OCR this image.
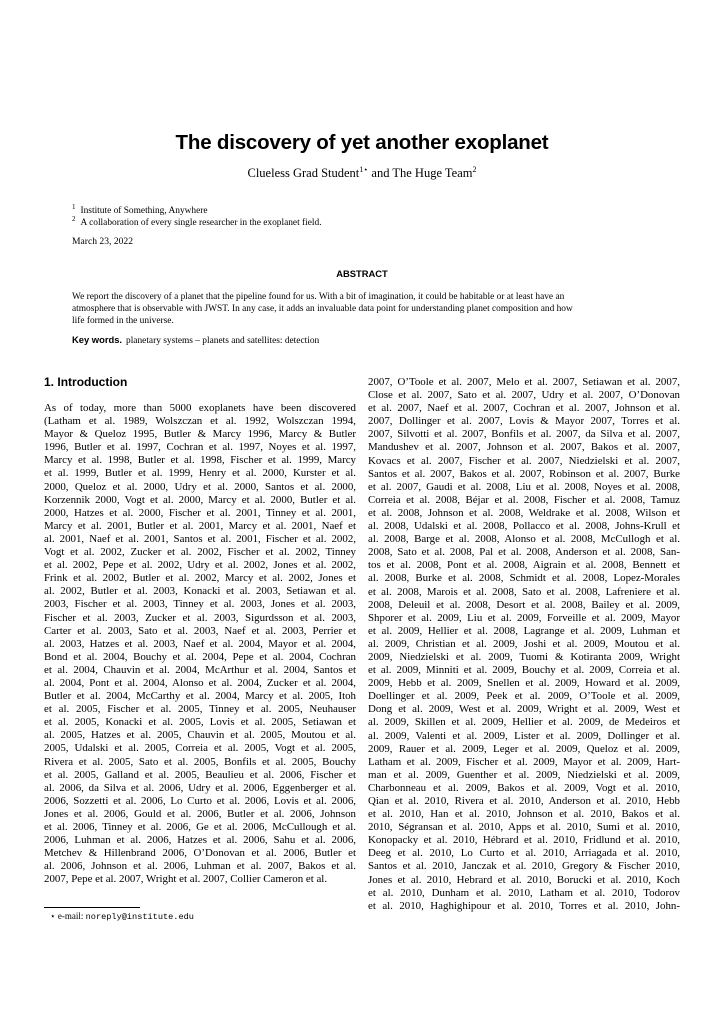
The discovery of yet another exoplanet
Clueless Grad Student$^{1⋆}$ and The Huge Team$^2$
$^1$ Institute of Something, Anywhere
$^2$ A collaboration of every single researcher in the exoplanet field.
March 23, 2022
ABSTRACT
We report the discovery of a planet that the pipeline found for us. With a bit of imagination, it could be habitable or at least have an
atmosphere that is observable with JWST. In any case, it adds an invaluable data point for understanding planet composition and how
life formed in the universe.
Key words. planetary systems – planets and satellites: detection
1. Introduction
As of today, more than 5000 exoplanets have been discovered
(Latham et al. 1989, Wolszczan et al. 1992, Wolszczan 1994,
Mayor & Queloz 1995, Butler & Marcy 1996, Marcy & Butler
1996, Butler et al. 1997, Cochran et al. 1997, Noyes et al. 1997,
Marcy et al. 1998, Butler et al. 1998, Fischer et al. 1999, Marcy
et al. 1999, Butler et al. 1999, Henry et al. 2000, Kurster et al.
2000, Queloz et al. 2000, Udry et al. 2000, Santos et al. 2000,
Korzennik 2000, Vogt et al. 2000, Marcy et al. 2000, Butler et al.
2000, Hatzes et al. 2000, Fischer et al. 2001, Tinney et al. 2001,
Marcy et al. 2001, Butler et al. 2001, Marcy et al. 2001, Naef et
al. 2001, Naef et al. 2001, Santos et al. 2001, Fischer et al. 2002,
Vogt et al. 2002, Zucker et al. 2002, Fischer et al. 2002, Tinney
et al. 2002, Pepe et al. 2002, Udry et al. 2002, Jones et al. 2002,
Frink et al. 2002, Butler et al. 2002, Marcy et al. 2002, Jones et
al. 2002, Butler et al. 2003, Konacki et al. 2003, Setiawan et al.
2003, Fischer et al. 2003, Tinney et al. 2003, Jones et al. 2003,
Fischer et al. 2003, Zucker et al. 2003, Sigurdsson et al. 2003,
Carter et al. 2003, Sato et al. 2003, Naef et al. 2003, Perrier et
al. 2003, Hatzes et al. 2003, Naef et al. 2004, Mayor et al. 2004,
Bond et al. 2004, Bouchy et al. 2004, Pepe et al. 2004, Cochran
et al. 2004, Chauvin et al. 2004, McArthur et al. 2004, Santos et
al. 2004, Pont et al. 2004, Alonso et al. 2004, Zucker et al. 2004,
Butler et al. 2004, McCarthy et al. 2004, Marcy et al. 2005, Itoh
et al. 2005, Fischer et al. 2005, Tinney et al. 2005, Neuhauser
et al. 2005, Konacki et al. 2005, Lovis et al. 2005, Setiawan et
al. 2005, Hatzes et al. 2005, Chauvin et al. 2005, Moutou et al.
2005, Udalski et al. 2005, Correia et al. 2005, Vogt et al. 2005,
Rivera et al. 2005, Sato et al. 2005, Bonfils et al. 2005, Bouchy
et al. 2005, Galland et al. 2005, Beaulieu et al. 2006, Fischer et
al. 2006, da Silva et al. 2006, Udry et al. 2006, Eggenberger et al.
2006, Sozzetti et al. 2006, Lo Curto et al. 2006, Lovis et al. 2006,
Jones et al. 2006, Gould et al. 2006, Butler et al. 2006, Johnson
et al. 2006, Tinney et al. 2006, Ge et al. 2006, McCullough et al.
2006, Luhman et al. 2006, Hatzes et al. 2006, Sahu et al. 2006,
Metchev & Hillenbrand 2006, O’Donovan et al. 2006, Butler et
al. 2006, Johnson et al. 2006, Luhman et al. 2007, Bakos et al.
2007, Pepe et al. 2007, Wright et al. 2007, Collier Cameron et al.
2007, O’Toole et al. 2007, Melo et al. 2007, Setiawan et al. 2007,
Close et al. 2007, Sato et al. 2007, Udry et al. 2007, O’Donovan
et al. 2007, Naef et al. 2007, Cochran et al. 2007, Johnson et al.
2007, Dollinger et al. 2007, Lovis & Mayor 2007, Torres et al.
2007, Silvotti et al. 2007, Bonfils et al. 2007, da Silva et al. 2007,
Mandushev et al. 2007, Johnson et al. 2007, Bakos et al. 2007,
Kovacs et al. 2007, Fischer et al. 2007, Niedzielski et al. 2007,
Santos et al. 2007, Bakos et al. 2007, Robinson et al. 2007, Burke
et al. 2007, Gaudi et al. 2008, Liu et al. 2008, Noyes et al. 2008,
Correia et al. 2008, Béjar et al. 2008, Fischer et al. 2008, Tamuz
et al. 2008, Johnson et al. 2008, Weldrake et al. 2008, Wilson et
al. 2008, Udalski et al. 2008, Pollacco et al. 2008, Johns-Krull et
al. 2008, Barge et al. 2008, Alonso et al. 2008, McCullogh et al.
2008, Sato et al. 2008, Pal et al. 2008, Anderson et al. 2008, San-
tos et al. 2008, Pont et al. 2008, Aigrain et al. 2008, Bennett et
al. 2008, Burke et al. 2008, Schmidt et al. 2008, Lopez-Morales
et al. 2008, Marois et al. 2008, Sato et al. 2008, Lafreniere et al.
2008, Deleuil et al. 2008, Desort et al. 2008, Bailey et al. 2009,
Shporer et al. 2009, Liu et al. 2009, Forveille et al. 2009, Mayor
et al. 2009, Hellier et al. 2008, Lagrange et al. 2009, Luhman et
al. 2009, Christian et al. 2009, Joshi et al. 2009, Moutou et al.
2009, Niedzielski et al. 2009, Tuomi & Kotiranta 2009, Wright
et al. 2009, Minniti et al. 2009, Bouchy et al. 2009, Correia et al.
2009, Hebb et al. 2009, Snellen et al. 2009, Howard et al. 2009,
Doellinger et al. 2009, Peek et al. 2009, O’Toole et al. 2009,
Dong et al. 2009, West et al. 2009, Wright et al. 2009, West et
al. 2009, Skillen et al. 2009, Hellier et al. 2009, de Medeiros et
al. 2009, Valenti et al. 2009, Lister et al. 2009, Dollinger et al.
2009, Rauer et al. 2009, Leger et al. 2009, Queloz et al. 2009,
Latham et al. 2009, Fischer et al. 2009, Mayor et al. 2009, Hart-
man et al. 2009, Guenther et al. 2009, Niedzielski et al. 2009,
Charbonneau et al. 2009, Bakos et al. 2009, Vogt et al. 2010,
Qian et al. 2010, Rivera et al. 2010, Anderson et al. 2010, Hebb
et al. 2010, Han et al. 2010, Johnson et al. 2010, Bakos et al.
2010, Ségransan et al. 2010, Apps et al. 2010, Sumi et al. 2010,
Konopacky et al. 2010, Hébrard et al. 2010, Fridlund et al. 2010,
Deeg et al. 2010, Lo Curto et al. 2010, Arriagada et al. 2010,
Santos et al. 2010, Janczak et al. 2010, Gregory & Fischer 2010,
Jones et al. 2010, Hebrard et al. 2010, Borucki et al. 2010, Koch
et al. 2010, Dunham et al. 2010, Latham et al. 2010, Todorov
et al. 2010, Haghighipour et al. 2010, Torres et al. 2010, John-
⋆ e-mail: noreply@institute.edu
